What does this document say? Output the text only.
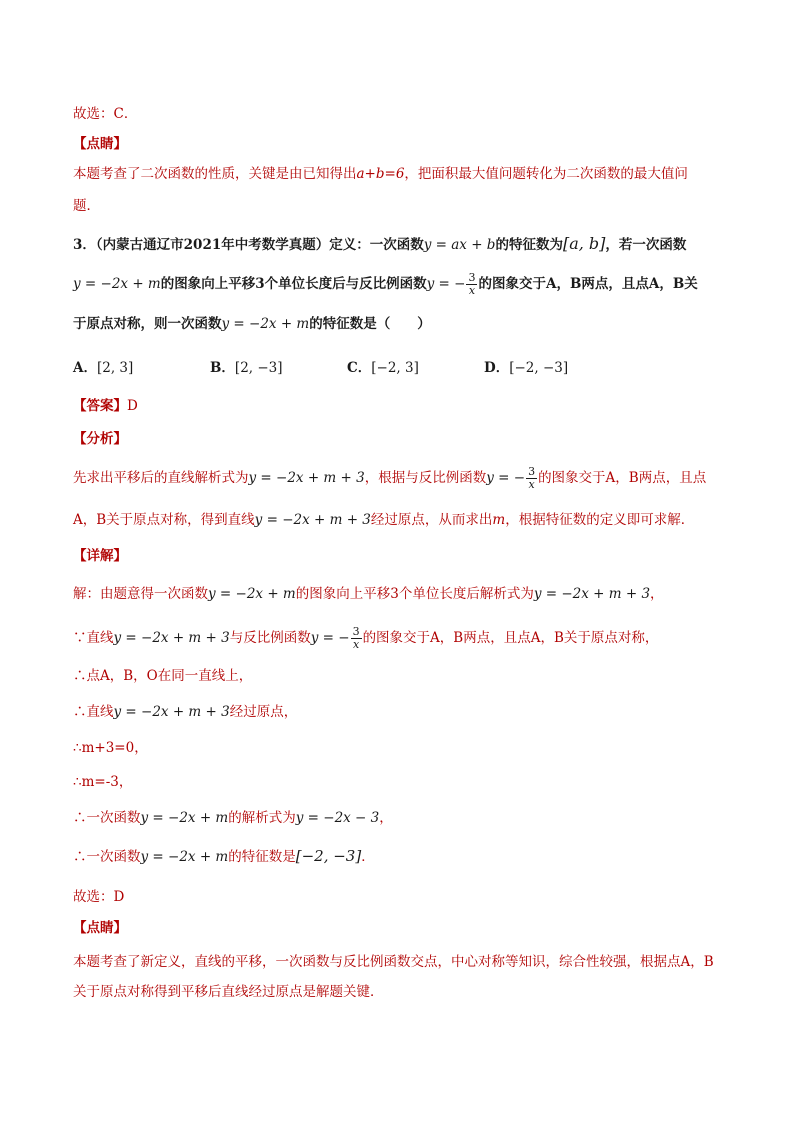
故选：C．
【点睛】
本题考查了二次函数的性质，关键是由已知得出a+b=6，把面积最大值问题转化为二次函数的最大值问
题．
3．（内蒙古通辽市2021年中考数学真题）定义：一次函数y = ax + b的特征数为[a, b]，若一次函数
y = −2x + m的图象向上平移3个单位长度后与反比例函数y = − $\frac{3}{x}$ 的图象交于A，B两点，且点A，B关
于原点对称，则一次函数y = −2x + m的特征数是（　　）
A．[2, 3]	B．[2, −3]	C．[−2, 3]	D．[−2, −3]
【答案】D
【分析】
先求出平移后的直线解析式为y = −2x + m + 3，根据与反比例函数y = − $\frac{3}{x}$ 的图象交于A，B两点，且点
A，B关于原点对称，得到直线y = −2x + m + 3经过原点，从而求出m，根据特征数的定义即可求解．
【详解】
解：由题意得一次函数y = −2x + m的图象向上平移3个单位长度后解析式为y = −2x + m + 3，
∵直线y = −2x + m + 3与反比例函数y = − $\frac{3}{x}$ 的图象交于A，B两点，且点A，B关于原点对称，
∴点A，B，O在同一直线上，
∴直线y = −2x + m + 3经过原点，
∴m+3=0，
∴m=-3，
∴一次函数y = −2x + m的解析式为y = −2x − 3，
∴一次函数y = −2x + m的特征数是[−2, −3]．
故选：D
【点睛】
本题考查了新定义，直线的平移，一次函数与反比例函数交点，中心对称等知识，综合性较强，根据点A，B
关于原点对称得到平移后直线经过原点是解题关键．
